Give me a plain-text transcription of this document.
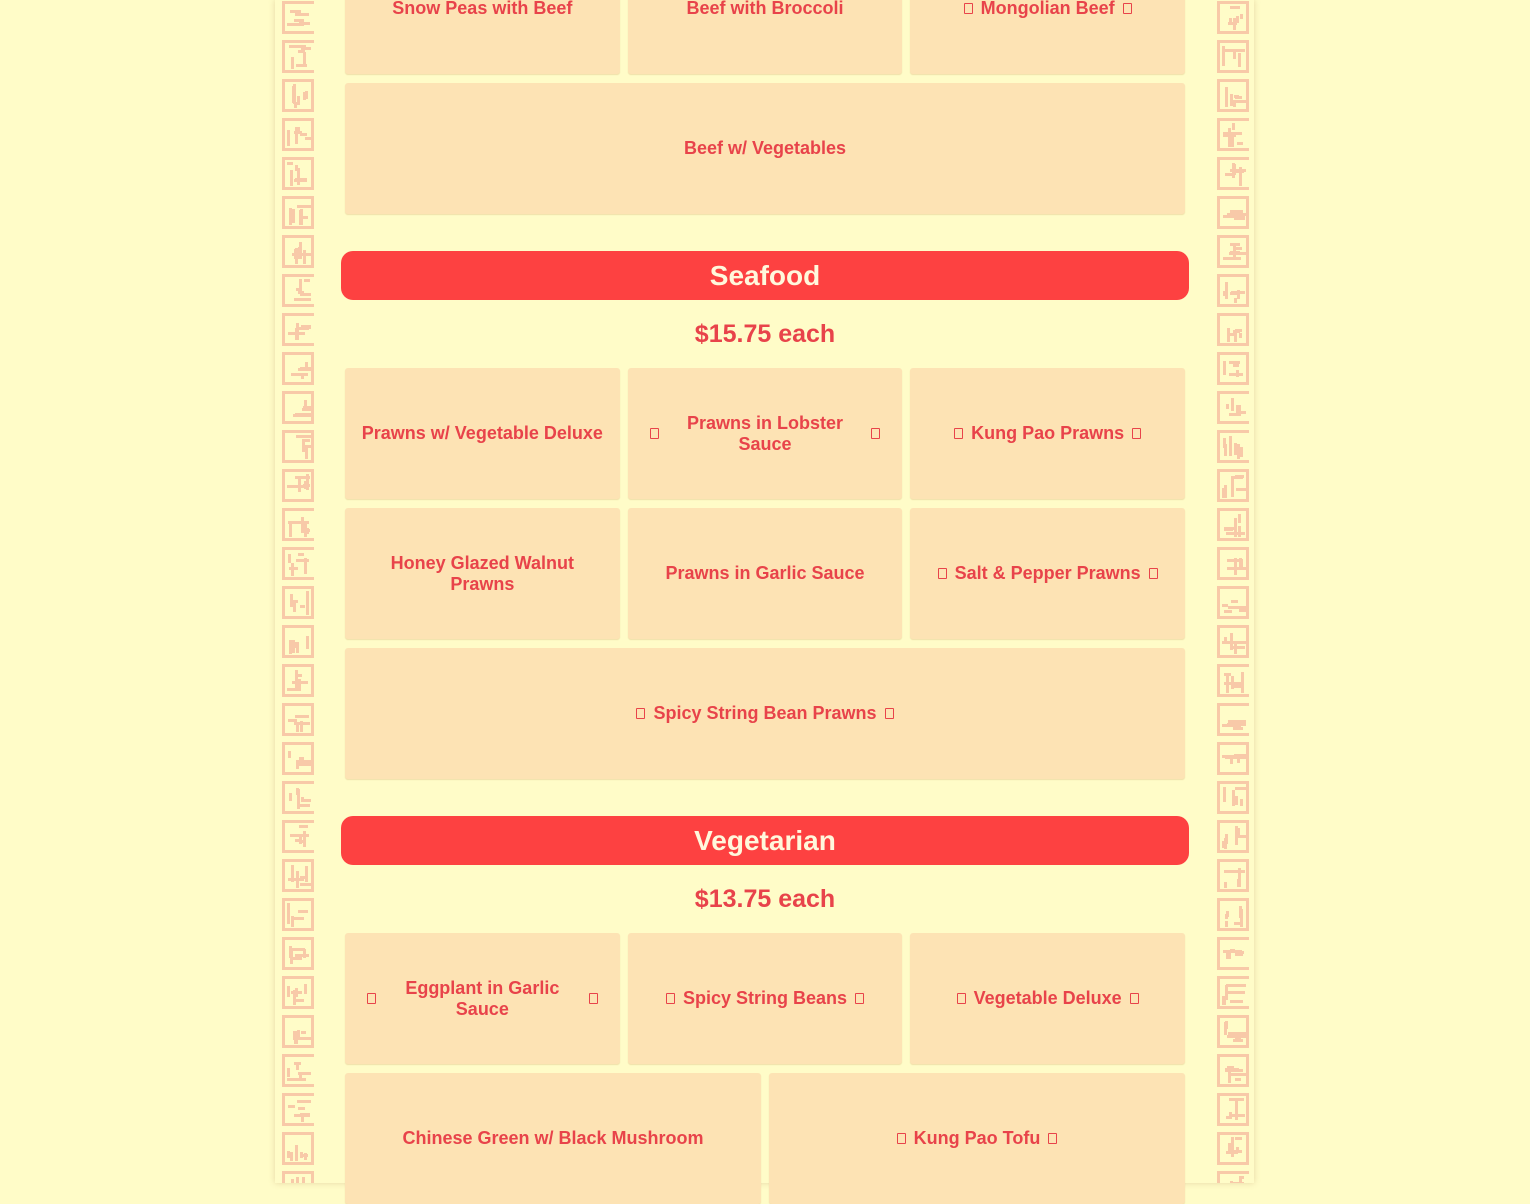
Snow Peas with Beef	Beef with Broccoli	Mongolian Beef
Beef w/ Vegetables
Seafood
$15.75 each
Prawns w/ Vegetable Deluxe
Prawns in Lobster Sauce
Kung Pao Prawns
Honey Glazed Walnut Prawns
Prawns in Garlic Sauce	Salt & Pepper Prawns
Spicy String Bean Prawns
Vegetarian
$13.75 each
Eggplant in Garlic Sauce
Spicy String Beans	Vegetable Deluxe
Chinese Green w/ Black Mushroom	Kung Pao Tofu
